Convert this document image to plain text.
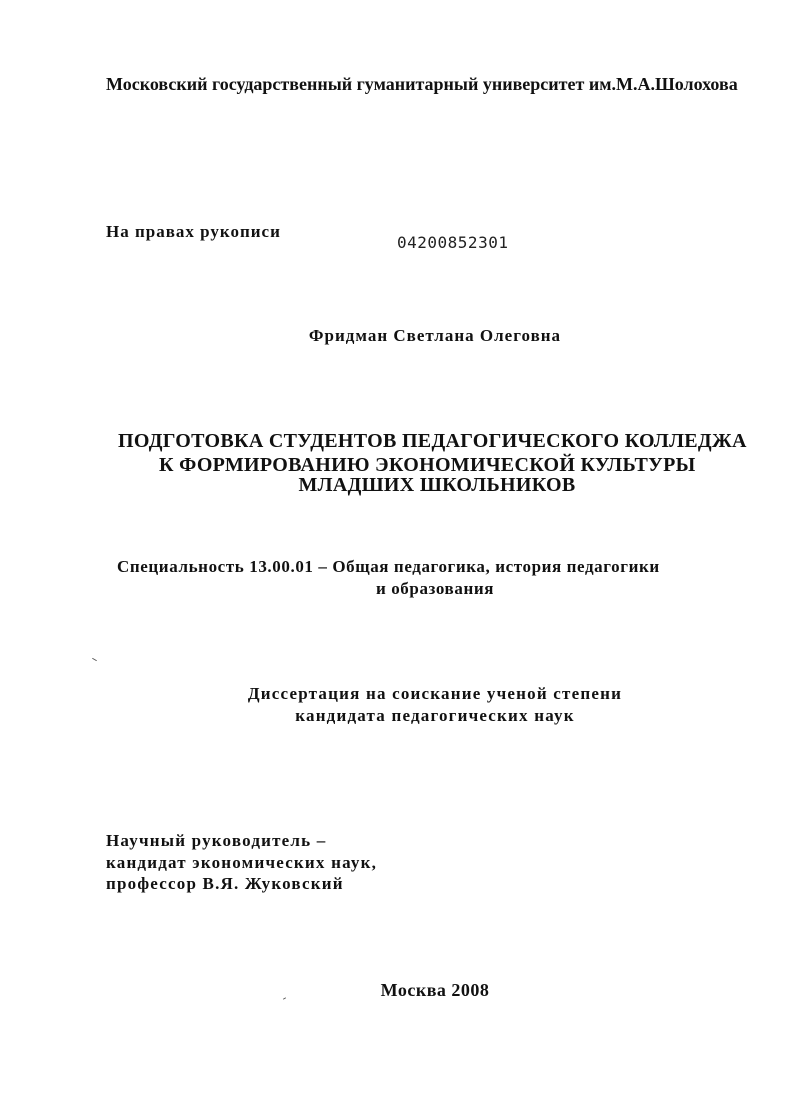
Московский государственный гуманитарный университет им.М.А.Шолохова
На правах рукописи
04200852301
Фридман Светлана Олеговна
ПОДГОТОВКА СТУДЕНТОВ ПЕДАГОГИЧЕСКОГО КОЛЛЕДЖА
К ФОРМИРОВАНИЮ ЭКОНОМИЧЕСКОЙ КУЛЬТУРЫ
МЛАДШИХ ШКОЛЬНИКОВ
Специальность 13.00.01 – Общая педагогика, история педагогики
и образования
Диссертация на соискание ученой степени
кандидата педагогических наук
Научный руководитель –
кандидат экономических наук,
профессор В.Я. Жуковский
Москва 2008
